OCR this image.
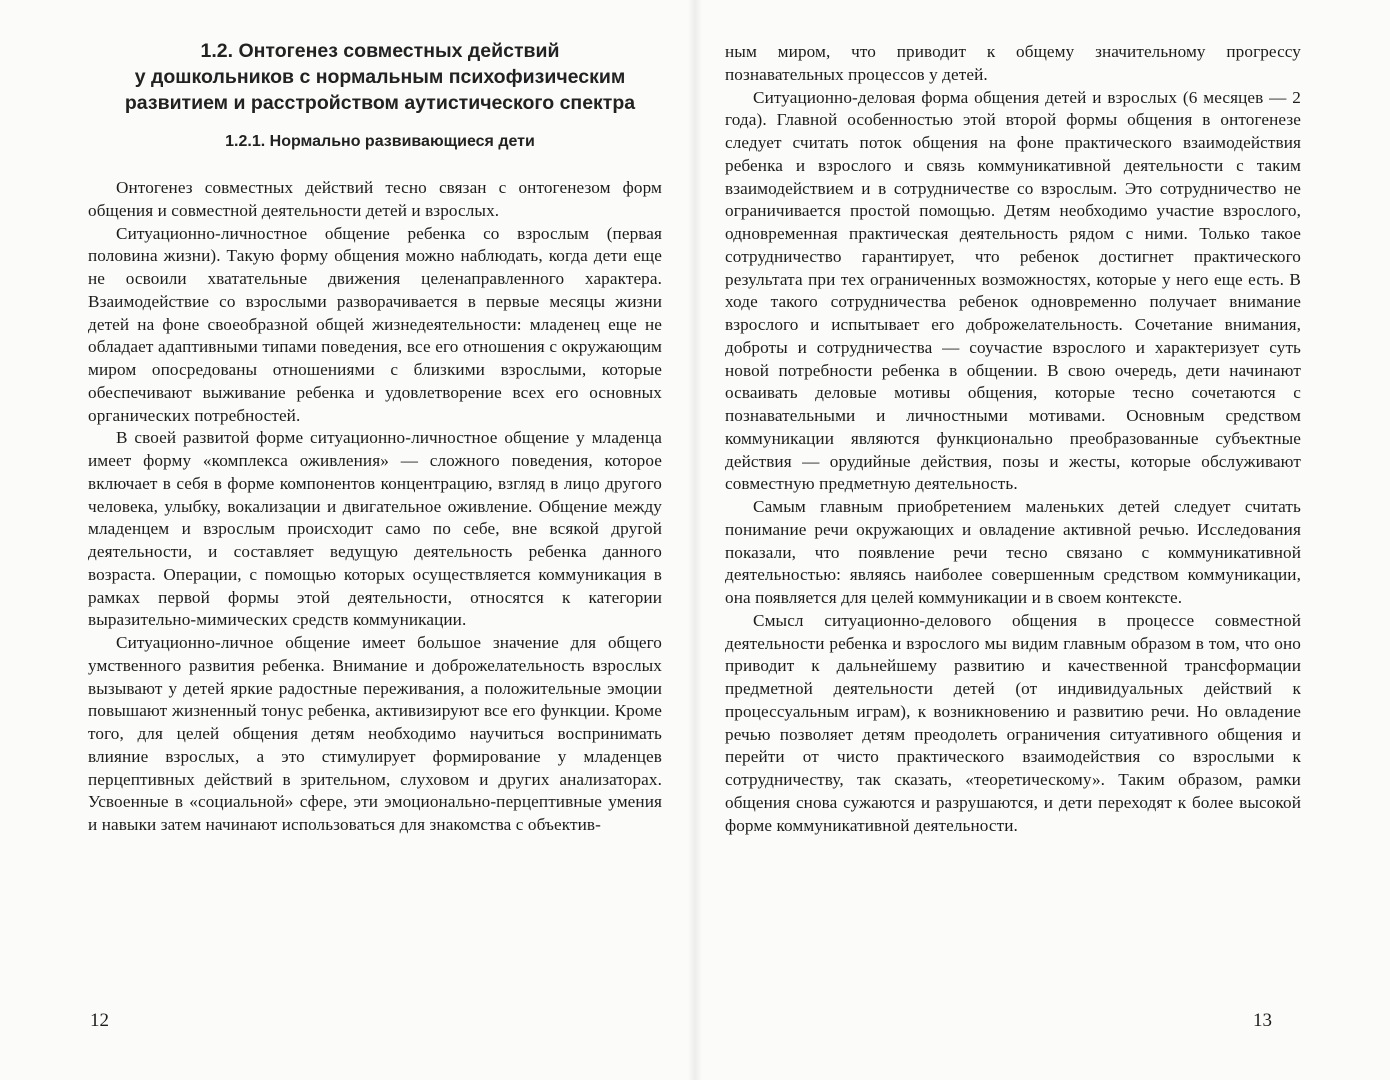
1.2. Онтогенез совместных действий
у дошкольников с нормальным психофизическим
развитием и расстройством аутистического спектра
1.2.1. Нормально развивающиеся дети

Онтогенез совместных действий тесно связан с онтогенезом форм общения и совместной деятельности детей и взрослых.

Ситуационно-личностное общение ребенка со взрослым (первая половина жизни). Такую форму общения можно наблюдать, когда дети еще не освоили хватательные движения целенаправленного характера. Взаимодействие со взрослыми разворачивается в первые месяцы жизни детей на фоне своеобразной общей жизнедеятельности: младенец еще не обладает адаптивными типами поведения, все его отношения с окружающим миром опосредованы отношениями с близкими взрослыми, которые обеспечивают выживание ребенка и удовлетворение всех его основных органических потребностей.

В своей развитой форме ситуационно-личностное общение у младенца имеет форму «комплекса оживления» — сложного поведения, которое включает в себя в форме компонентов концентрацию, взгляд в лицо другого человека, улыбку, вокализации и двигательное оживление. Общение между младенцем и взрослым происходит само по себе, вне всякой другой деятельности, и составляет ведущую деятельность ребенка данного возраста. Операции, с помощью которых осуществляется коммуникация в рамках первой формы этой деятельности, относятся к категории выразительно-мимических средств коммуникации.

Ситуационно-личное общение имеет большое значение для общего умственного развития ребенка. Внимание и доброжелательность взрослых вызывают у детей яркие радостные переживания, а положительные эмоции повышают жизненный тонус ребенка, активизируют все его функции. Кроме того, для целей общения детям необходимо научиться воспринимать влияние взрослых, а это стимулирует формирование у младенцев перцептивных действий в зрительном, слуховом и других анализаторах. Усвоенные в «социальной» сфере, эти эмоционально-перцептивные умения и навыки затем начинают использоваться для знакомства с объектив-

12

ным миром, что приводит к общему значительному прогрессу познавательных процессов у детей.

Ситуационно-деловая форма общения детей и взрослых (6 месяцев — 2 года). Главной особенностью этой второй формы общения в онтогенезе следует считать поток общения на фоне практического взаимодействия ребенка и взрослого и связь коммуникативной деятельности с таким взаимодействием и в сотрудничестве со взрослым. Это сотрудничество не ограничивается простой помощью. Детям необходимо участие взрослого, одновременная практическая деятельность рядом с ними. Только такое сотрудничество гарантирует, что ребенок достигнет практического результата при тех ограниченных возможностях, которые у него еще есть. В ходе такого сотрудничества ребенок одновременно получает внимание взрослого и испытывает его доброжелательность. Сочетание внимания, доброты и сотрудничества — соучастие взрослого и характеризует суть новой потребности ребенка в общении. В свою очередь, дети начинают осваивать деловые мотивы общения, которые тесно сочетаются с познавательными и личностными мотивами. Основным средством коммуникации являются функционально преобразованные субъектные действия — орудийные действия, позы и жесты, которые обслуживают совместную предметную деятельность.

Самым главным приобретением маленьких детей следует считать понимание речи окружающих и овладение активной речью. Исследования показали, что появление речи тесно связано с коммуникативной деятельностью: являясь наиболее совершенным средством коммуникации, она появляется для целей коммуникации и в своем контексте.

Смысл ситуационно-делового общения в процессе совместной деятельности ребенка и взрослого мы видим главным образом в том, что оно приводит к дальнейшему развитию и качественной трансформации предметной деятельности детей (от индивидуальных действий к процессуальным играм), к возникновению и развитию речи. Но овладение речью позволяет детям преодолеть ограничения ситуативного общения и перейти от чисто практического взаимодействия со взрослыми к сотрудничеству, так сказать, «теоретическому». Таким образом, рамки общения снова сужаются и разрушаются, и дети переходят к более высокой форме коммуникативной деятельности.

13
